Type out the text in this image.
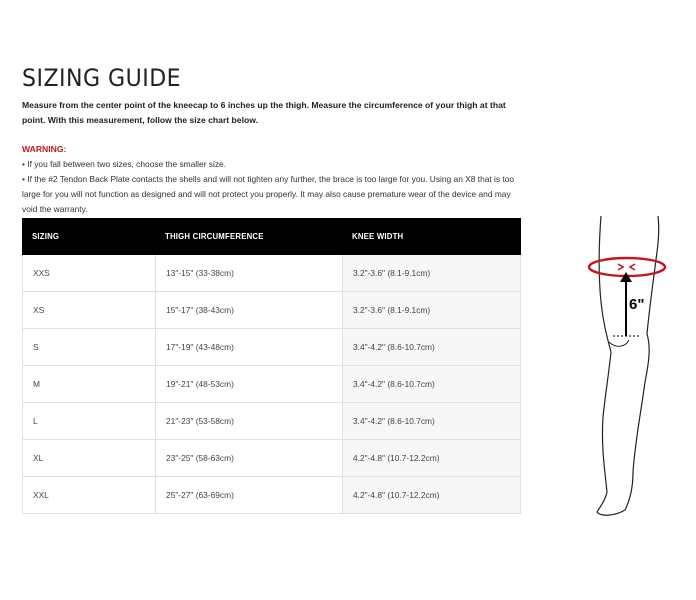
SIZING GUIDE
Measure from the center point of the kneecap to 6 inches up the thigh. Measure the circumference of your thigh at that point. With this measurement, follow the size chart below.
WARNING:
• If you fall between two sizes, choose the smaller size.
• If the #2 Tendon Back Plate contacts the shells and will not tighten any further, the brace is too large for you. Using an X8 that is too large for you will not function as designed and will not protect you properly. It may also cause premature wear of the device and may void the warranty.
SIZING	THIGH CIRCUMFERENCE	KNEE WIDTH
XXS	13"-15" (33-38cm)	3.2"-3.6" (8.1-9.1cm)
XS	15"-17" (38-43cm)	3.2"-3.6" (8.1-9.1cm)
S	17"-19" (43-48cm)	3.4"-4.2" (8.6-10.7cm)
M	19"-21" (48-53cm)	3.4"-4.2" (8.6-10.7cm)
L	21"-23" (53-58cm)	3.4"-4.2" (8.6-10.7cm)
XL	23"-25" (58-63cm)	4.2"-4.8" (10.7-12.2cm)
XXL	25"-27" (63-69cm)	4.2"-4.8" (10.7-12.2cm)
6"
